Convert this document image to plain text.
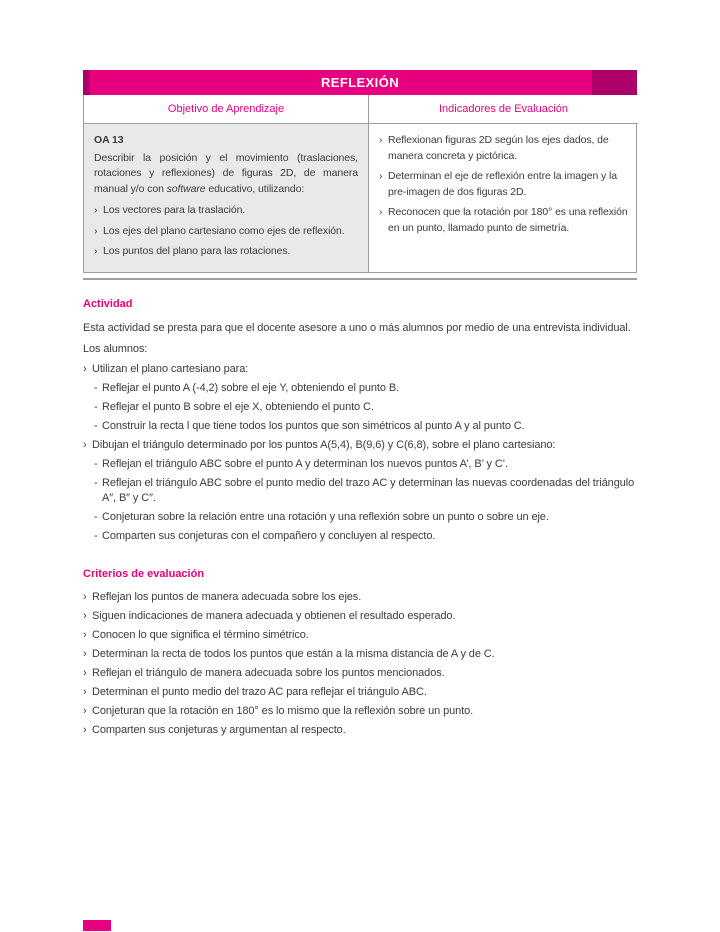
REFLEXIÓN
Objetivo de Aprendizaje	Indicadores de Evaluación

OA 13

Describir la posición y el movimiento (traslaciones, rotaciones y reflexiones) de figuras 2D, de manera manual y/o con software educativo, utilizando:

› Los vectores para la traslación.
› Los ejes del plano cartesiano como ejes de reflexión.
› Los puntos del plano para las rotaciones.
› Reflexionan figuras 2D según los ejes dados, de manera concreta y pictórica.
› Determinan el eje de reflexión entre la imagen y la pre-imagen de dos figuras 2D.
› Reconocen que la rotación por 180° es una reflexión en un punto, llamado punto de simetría.
Actividad

Esta actividad se presta para que el docente asesore a uno o más alumnos por medio de una entrevista individual.

Los alumnos:

› Utilizan el plano cartesiano para:
- Reflejar el punto A (-4,2) sobre el eje Y, obteniendo el punto B.
- Reflejar el punto B sobre el eje X, obteniendo el punto C.
- Construir la recta l que tiene todos los puntos que son simétricos al punto A y al punto C.
› Dibujan el triángulo determinado por los puntos A(5,4), B(9,6) y C(6,8), sobre el plano cartesiano:
- Reflejan el triángulo ABC sobre el punto A y determinan los nuevos puntos A’, B’ y C’.
- Reflejan el triángulo ABC sobre el punto medio del trazo AC y determinan las nuevas coordenadas del triángulo A″, B″ y C″.
- Conjeturan sobre la relación entre una rotación y una reflexión sobre un punto o sobre un eje.
- Comparten sus conjeturas con el compañero y concluyen al respecto.
Criterios de evaluación
› Reflejan los puntos de manera adecuada sobre los ejes.
› Siguen indicaciones de manera adecuada y obtienen el resultado esperado.
› Conocen lo que significa el término simétrico.
› Determinan la recta de todos los puntos que están a la misma distancia de A y de C.
› Reflejan el triángulo de manera adecuada sobre los puntos mencionados.
› Determinan el punto medio del trazo AC para reflejar el triángulo ABC.
› Conjeturan que la rotación en 180° es lo mismo que la reflexión sobre un punto.
› Comparten sus conjeturas y argumentan al respecto.
